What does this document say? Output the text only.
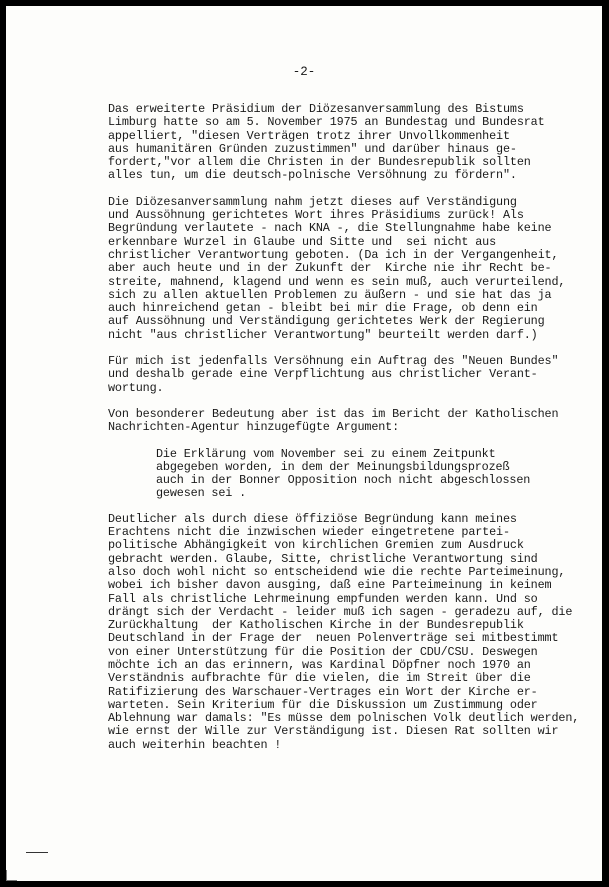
-2-
Das erweiterte Präsidium der Diözesanversammlung des Bistums
Limburg hatte so am 5. November 1975 an Bundestag und Bundesrat
appelliert, "diesen Verträgen trotz ihrer Unvollkommenheit
aus humanitären Gründen zuzustimmen" und darüber hinaus ge-
fordert,"vor allem die Christen in der Bundesrepublik sollten
alles tun, um die deutsch-polnische Versöhnung zu fördern".
Die Diözesanversammlung nahm jetzt dieses auf Verständigung
und Aussöhnung gerichtetes Wort ihres Präsidiums zurück! Als
Begründung verlautete - nach KNA -, die Stellungnahme habe keine
erkennbare Wurzel in Glaube und Sitte und  sei nicht aus
christlicher Verantwortung geboten. (Da ich in der Vergangenheit,
aber auch heute und in der Zukunft der  Kirche nie ihr Recht be-
streite, mahnend, klagend und wenn es sein muß, auch verurteilend,
sich zu allen aktuellen Problemen zu äußern - und sie hat das ja
auch hinreichend getan - bleibt bei mir die Frage, ob denn ein
auf Aussöhnung und Verständigung gerichtetes Werk der Regierung
nicht "aus christlicher Verantwortung" beurteilt werden darf.)
Für mich ist jedenfalls Versöhnung ein Auftrag des "Neuen Bundes"
und deshalb gerade eine Verpflichtung aus christlicher Verant-
wortung.
Von besonderer Bedeutung aber ist das im Bericht der Katholischen
Nachrichten-Agentur hinzugefügte Argument:
Die Erklärung vom November sei zu einem Zeitpunkt
abgegeben worden, in dem der Meinungsbildungsprozeß
auch in der Bonner Opposition noch nicht abgeschlossen
gewesen sei .
Deutlicher als durch diese öffiziöse Begründung kann meines
Erachtens nicht die inzwischen wieder eingetretene partei-
politische Abhängigkeit von kirchlichen Gremien zum Ausdruck
gebracht werden. Glaube, Sitte, christliche Verantwortung sind
also doch wohl nicht so entscheidend wie die rechte Parteimeinung,
wobei ich bisher davon ausging, daß eine Parteimeinung in keinem
Fall als christliche Lehrmeinung empfunden werden kann. Und so
drängt sich der Verdacht - leider muß ich sagen - geradezu auf, die
Zurückhaltung  der Katholischen Kirche in der Bundesrepublik
Deutschland in der Frage der  neuen Polenverträge sei mitbestimmt
von einer Unterstützung für die Position der CDU/CSU. Deswegen
möchte ich an das erinnern, was Kardinal Döpfner noch 1970 an
Verständnis aufbrachte für die vielen, die im Streit über die
Ratifizierung des Warschauer-Vertrages ein Wort der Kirche er-
warteten. Sein Kriterium für die Diskussion um Zustimmung oder
Ablehnung war damals: "Es müsse dem polnischen Volk deutlich werden,
wie ernst der Wille zur Verständigung ist. Diesen Rat sollten wir
auch weiterhin beachten !
